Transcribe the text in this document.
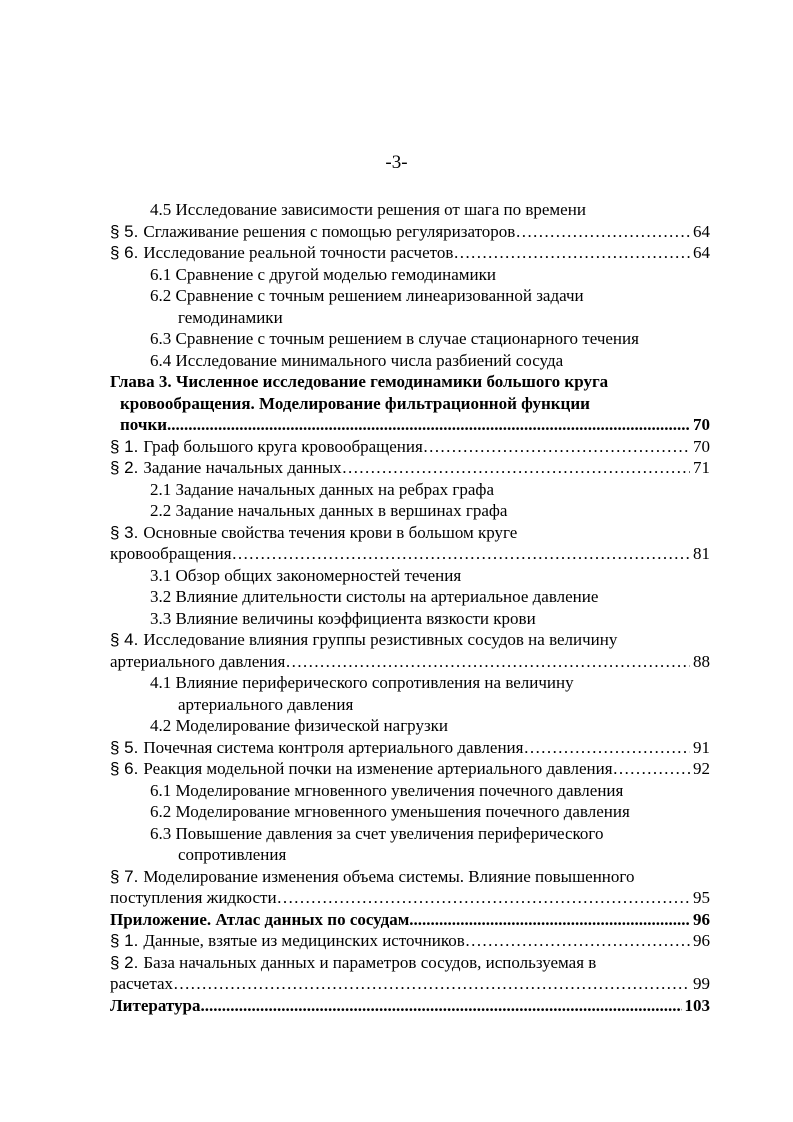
-3-
4.5 Исследование зависимости решения от шага по времени
§ 5. Сглаживание решения с помощью регуляризаторов ……………………………………………………………………………………………………………………………………	64
§ 6. Исследование реальной точности расчетов ……………………………………………………………………………………………………………………………………	64
6.1 Сравнение с другой моделью гемодинамики
6.2 Сравнение с точным решением линеаризованной задачи
гемодинамики
6.3 Сравнение с точным решением в случае стационарного течения
6.4 Исследование минимального числа разбиений сосуда
Глава 3. Численное исследование гемодинамики большого круга
кровообращения. Моделирование фильтрационной функции
почки .....	70
§ 1. Граф большого круга кровообращения ……………………………………………………………………………………………………………………………………	70
§ 2. Задание начальных данных ……………………………………………………………………………………………………………………………………	71
2.1 Задание начальных данных на ребрах графа
2.2 Задание начальных данных в вершинах графа
§ 3. Основные свойства течения крови в большом круге
кровообращения ……………………………………………………………………………………………………………………………………	81
3.1 Обзор общих закономерностей течения
3.2 Влияние длительности систолы на артериальное давление
3.3 Влияние величины коэффициента вязкости крови
§ 4. Исследование влияния группы резистивных сосудов на величину
артериального давления ……………………………………………………………………………………………………………………………………	88
4.1 Влияние периферического сопротивления на величину
артериального давления
4.2 Моделирование физической нагрузки
§ 5. Почечная система контроля артериального давления ……………………………………………………………………………………………………………………………………	91
§ 6. Реакция модельной почки на изменение артериального давления ……………………………………………………………………………………………………………………………………	92
6.1 Моделирование мгновенного увеличения почечного давления
6.2 Моделирование мгновенного уменьшения почечного давления
6.3 Повышение давления за счет увеличения периферического
сопротивления
§ 7. Моделирование изменения объема системы. Влияние повышенного
поступления жидкости ……………………………………………………………………………………………………………………………………	95
Приложение. Атлас данных по сосудам .....	96
§ 1. Данные, взятые из медицинских источников ……………………………………………………………………………………………………………………………………	96
§ 2. База начальных данных и параметров сосудов, используемая в
расчетах ……………………………………………………………………………………………………………………………………	99
Литература .....	103
